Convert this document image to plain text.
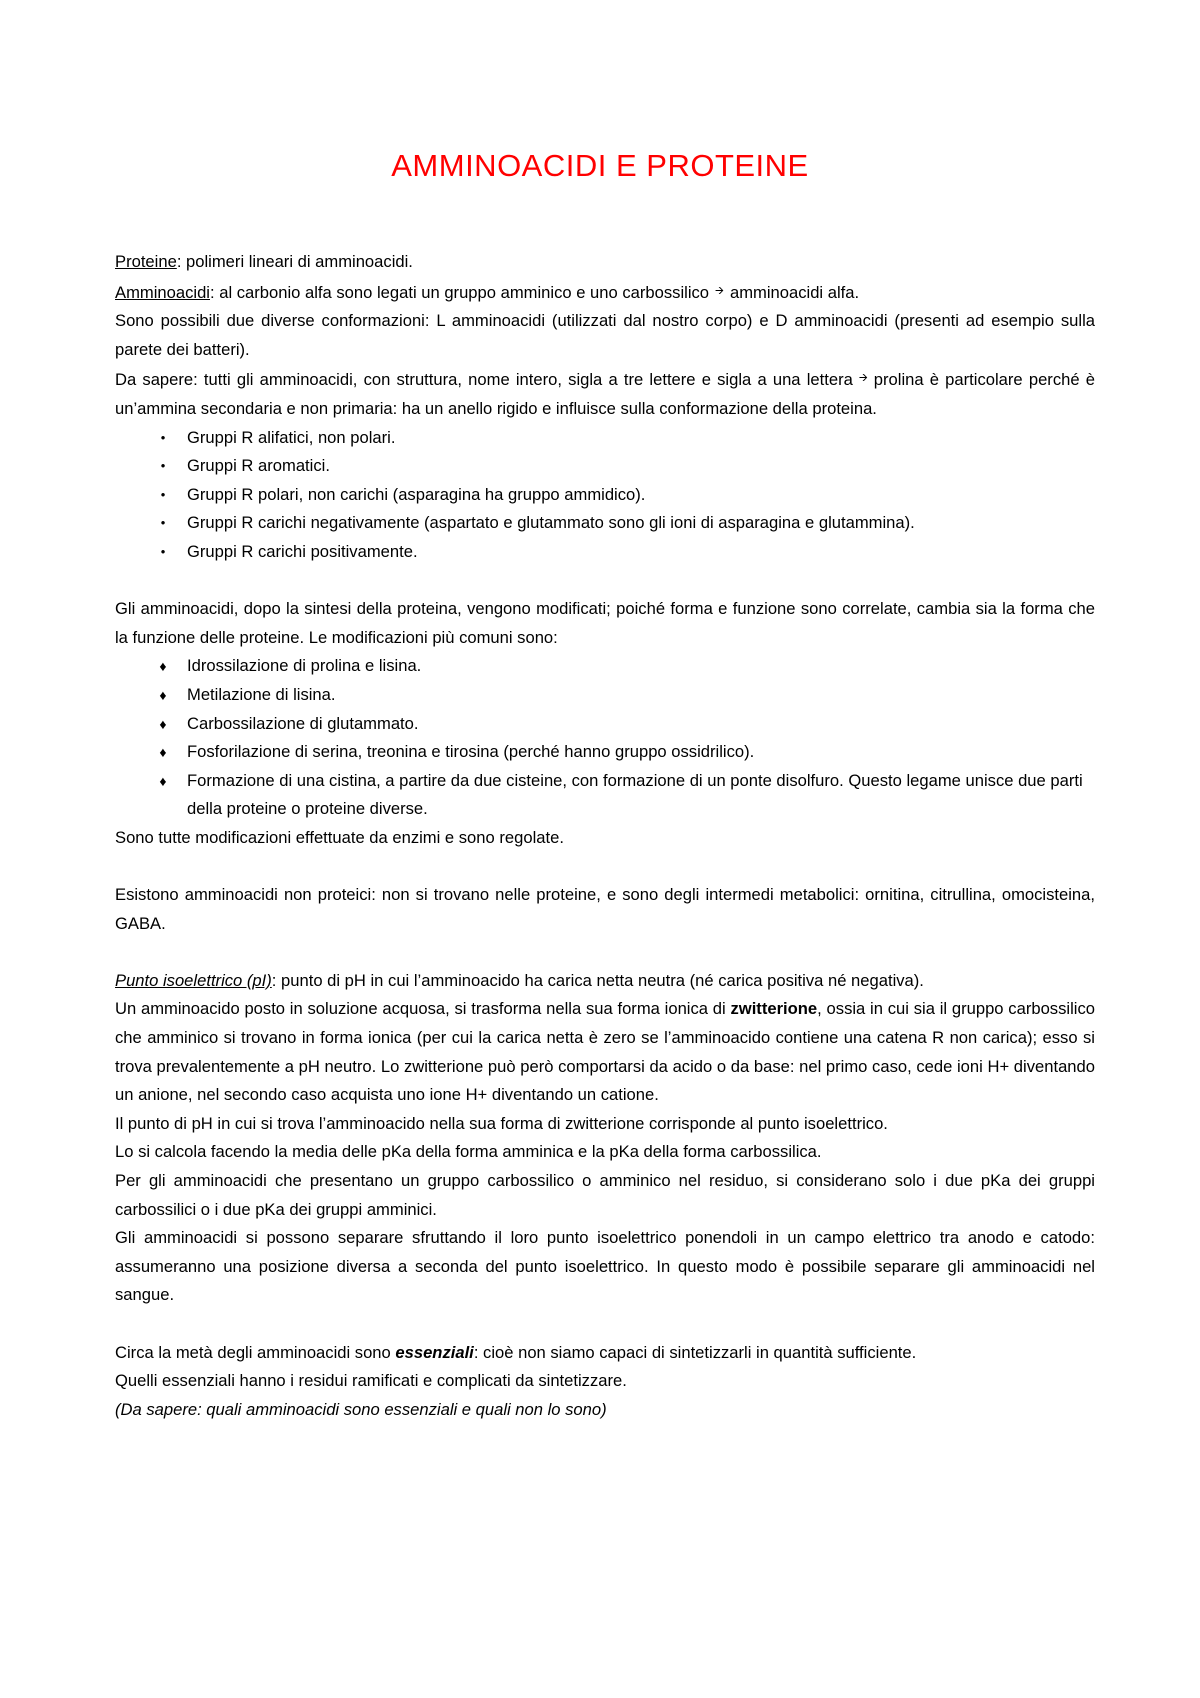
AMMINOACIDI E PROTEINE

Proteine: polimeri lineari di amminoacidi.

Amminoacidi: al carbonio alfa sono legati un gruppo amminico e uno carbossilico 🡪 amminoacidi alfa.

Sono possibili due diverse conformazioni: L amminoacidi (utilizzati dal nostro corpo) e D amminoacidi (presenti ad esempio sulla parete dei batteri).

Da sapere: tutti gli amminoacidi, con struttura, nome intero, sigla a tre lettere e sigla a una lettera 🡪 prolina è particolare perché è un’ammina secondaria e non primaria: ha un anello rigido e influisce sulla conformazione della proteina.

•	Gruppi R alifatici, non polari.
•	Gruppi R aromatici.
•	Gruppi R polari, non carichi (asparagina ha gruppo ammidico).
•	Gruppi R carichi negativamente (aspartato e glutammato sono gli ioni di asparagina e glutammina).
•	Gruppi R carichi positivamente.

Gli amminoacidi, dopo la sintesi della proteina, vengono modificati; poiché forma e funzione sono correlate, cambia sia la forma che la funzione delle proteine. Le modificazioni più comuni sono:

♦	Idrossilazione di prolina e lisina.
♦	Metilazione di lisina.
♦	Carbossilazione di glutammato.
♦	Fosforilazione di serina, treonina e tirosina (perché hanno gruppo ossidrilico).
♦	Formazione di una cistina, a partire da due cisteine, con formazione di un ponte disolfuro. Questo legame unisce due parti della proteine o proteine diverse.

Sono tutte modificazioni effettuate da enzimi e sono regolate.

Esistono amminoacidi non proteici: non si trovano nelle proteine, e sono degli intermedi metabolici: ornitina, citrullina, omocisteina, GABA.

Punto isoelettrico (pI): punto di pH in cui l’amminoacido ha carica netta neutra (né carica positiva né negativa).

Un amminoacido posto in soluzione acquosa, si trasforma nella sua forma ionica di zwitterione, ossia in cui sia il gruppo carbossilico che amminico si trovano in forma ionica (per cui la carica netta è zero se l’amminoacido contiene una catena R non carica); esso si trova prevalentemente a pH neutro. Lo zwitterione può però comportarsi da acido o da base: nel primo caso, cede ioni H+ diventando un anione, nel secondo caso acquista uno ione H+ diventando un catione.

Il punto di pH in cui si trova l’amminoacido nella sua forma di zwitterione corrisponde al punto isoelettrico.

Lo si calcola facendo la media delle pKa della forma amminica e la pKa della forma carbossilica.

Per gli amminoacidi che presentano un gruppo carbossilico o amminico nel residuo, si considerano solo i due pKa dei gruppi carbossilici o i due pKa dei gruppi amminici.

Gli amminoacidi si possono separare sfruttando il loro punto isoelettrico ponendoli in un campo elettrico tra anodo e catodo: assumeranno una posizione diversa a seconda del punto isoelettrico. In questo modo è possibile separare gli amminoacidi nel sangue.

Circa la metà degli amminoacidi sono essenziali: cioè non siamo capaci di sintetizzarli in quantità sufficiente.

Quelli essenziali hanno i residui ramificati e complicati da sintetizzare.

(Da sapere: quali amminoacidi sono essenziali e quali non lo sono)
